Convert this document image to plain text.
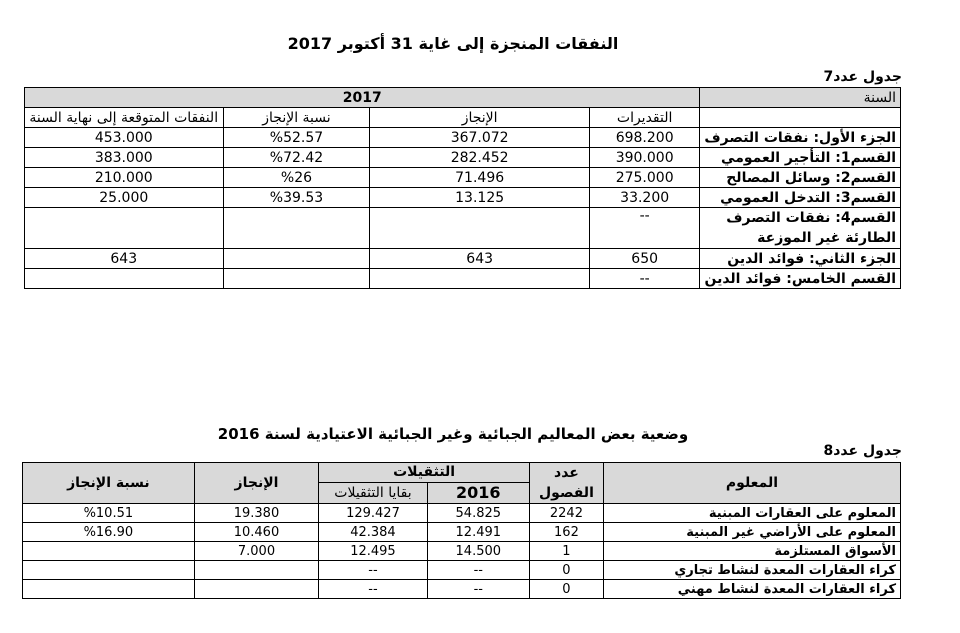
النفقات المنجزة إلى غاية 31 أكتوبر 2017
جدول عدد7
السنة	2017			
	التقديرات	الإنجاز	نسبة الإنجاز	النفقات المتوقعة إلى نهاية السنة
الجزء الأول: نفقات التصرف	698.200	367.072	%52.57	453.000
القسم1: التأجير العمومي	390.000	282.452	%72.42	383.000
القسم2: وسائل المصالح	275.000	71.496	%26	210.000
القسم3: التدخل العمومي	33.200	13.125	%39.53	25.000
القسم4: نفقات التصرف الطارئة غير الموزعة	--			
الجزء الثاني: فوائد الدين	650	643		643
القسم الخامس: فوائد الدين	--			
وضعية بعض المعاليم الجبائية وغير الجبائية الاعتيادية لسنة 2016
جدول عدد8
المعلوم	عدد الفصول	التثقيلات		الإنجاز	نسبة الإنجاز
		2016	بقايا التثقيلات		
المعلوم على العقارات المبنية	2242	54.825	129.427	19.380	%10.51
المعلوم على الأراضي غير المبنية	162	12.491	42.384	10.460	%16.90
الأسواق المستلزمة	1	14.500	12.495	7.000	
كراء العقارات المعدة لنشاط تجاري	0	--	--		
كراء العقارات المعدة لنشاط مهني	0	--	--		
